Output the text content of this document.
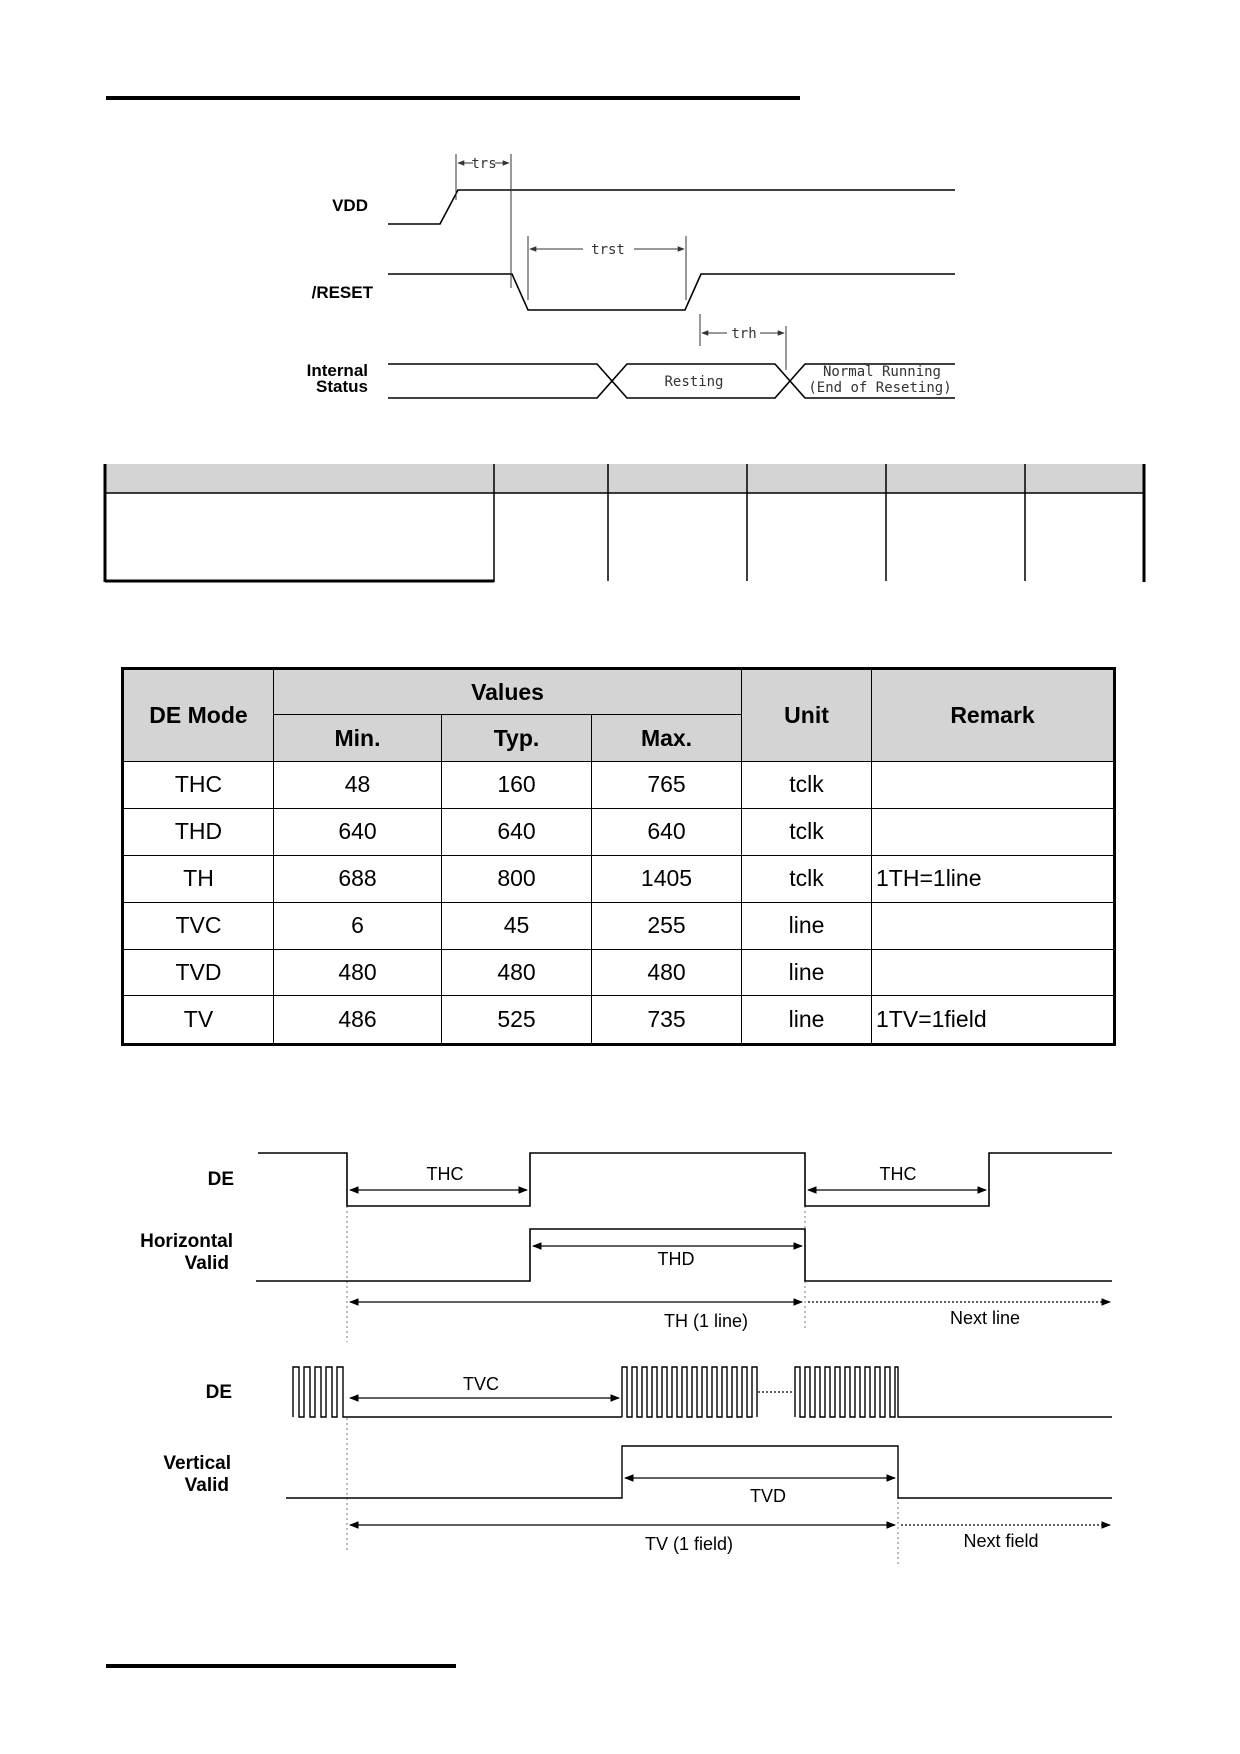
trs
trst
trh
Resting
Normal Running
(End of Reseting)
VDD
/RESET
Internal
Status
DE Mode	Values			Unit	Remark
	Min.	Typ.	Max.		
THC	48	160	765	tclk	
THD	640	640	640	tclk	
TH	688	800	1405	tclk	1TH=1line
TVC	6	45	255	line	
TVD	480	480	480	line	
TV	486	525	735	line	1TV=1field
DE
Horizontal
Valid
DE
Vertical
Valid
THC	THC
THD
TH (1 line)	Next line
TVC
TVD
TV (1 field)	Next field
